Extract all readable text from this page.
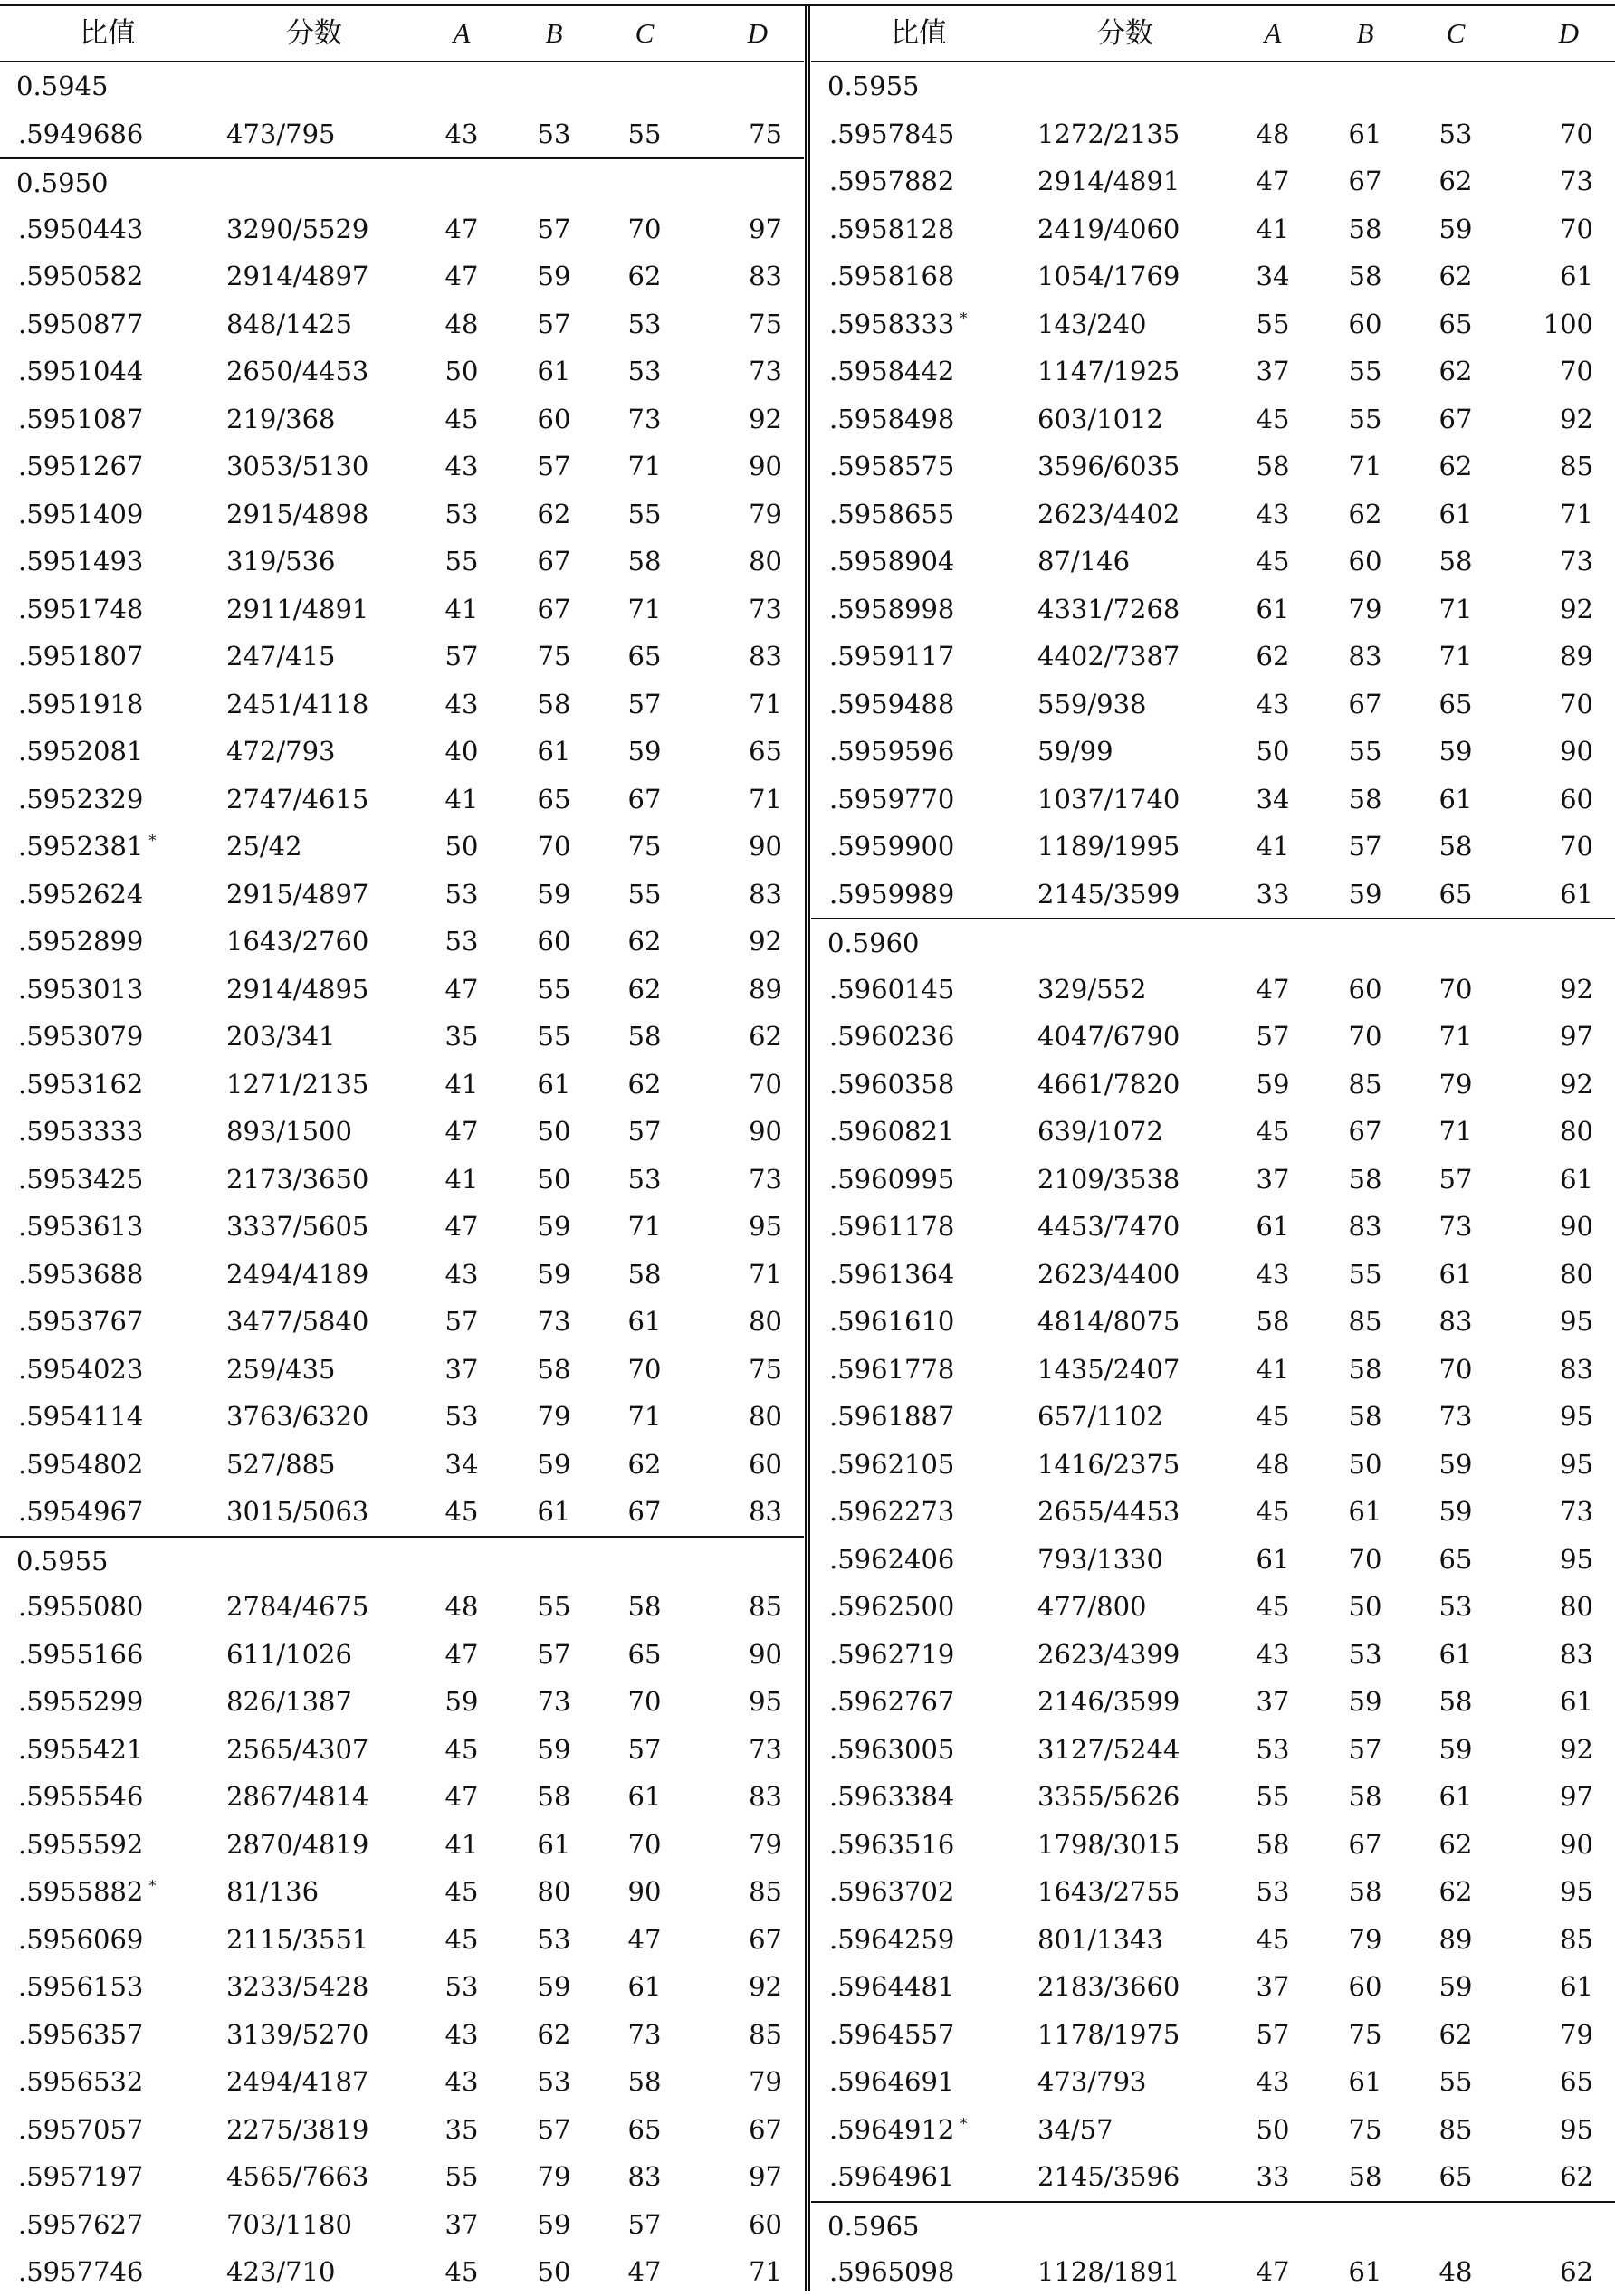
比值	分数	A	B	C	D
0.5945
.5949686	473/795	43	53	55	75
0.5950
.5950443	3290/5529	47	57	70	97
.5950582	2914/4897	47	59	62	83
.5950877	848/1425	48	57	53	75
.5951044	2650/4453	50	61	53	73
.5951087	219/368	45	60	73	92
.5951267	3053/5130	43	57	71	90
.5951409	2915/4898	53	62	55	79
.5951493	319/536	55	67	58	80
.5951748	2911/4891	41	67	71	73
.5951807	247/415	57	75	65	83
.5951918	2451/4118	43	58	57	71
.5952081	472/793	40	61	59	65
.5952329	2747/4615	41	65	67	71
.5952381 *	25/42	50	70	75	90
.5952624	2915/4897	53	59	55	83
.5952899	1643/2760	53	60	62	92
.5953013	2914/4895	47	55	62	89
.5953079	203/341	35	55	58	62
.5953162	1271/2135	41	61	62	70
.5953333	893/1500	47	50	57	90
.5953425	2173/3650	41	50	53	73
.5953613	3337/5605	47	59	71	95
.5953688	2494/4189	43	59	58	71
.5953767	3477/5840	57	73	61	80
.5954023	259/435	37	58	70	75
.5954114	3763/6320	53	79	71	80
.5954802	527/885	34	59	62	60
.5954967	3015/5063	45	61	67	83
0.5955
.5955080	2784/4675	48	55	58	85
.5955166	611/1026	47	57	65	90
.5955299	826/1387	59	73	70	95
.5955421	2565/4307	45	59	57	73
.5955546	2867/4814	47	58	61	83
.5955592	2870/4819	41	61	70	79
.5955882 *	81/136	45	80	90	85
.5956069	2115/3551	45	53	47	67
.5956153	3233/5428	53	59	61	92
.5956357	3139/5270	43	62	73	85
.5956532	2494/4187	43	53	58	79
.5957057	2275/3819	35	57	65	67
.5957197	4565/7663	55	79	83	97
.5957627	703/1180	37	59	57	60
.5957746	423/710	45	50	47	71
比值	分数	A	B	C	D
0.5955
.5957845	1272/2135	48	61	53	70
.5957882	2914/4891	47	67	62	73
.5958128	2419/4060	41	58	59	70
.5958168	1054/1769	34	58	62	61
.5958333 *	143/240	55	60	65	100
.5958442	1147/1925	37	55	62	70
.5958498	603/1012	45	55	67	92
.5958575	3596/6035	58	71	62	85
.5958655	2623/4402	43	62	61	71
.5958904	87/146	45	60	58	73
.5958998	4331/7268	61	79	71	92
.5959117	4402/7387	62	83	71	89
.5959488	559/938	43	67	65	70
.5959596	59/99	50	55	59	90
.5959770	1037/1740	34	58	61	60
.5959900	1189/1995	41	57	58	70
.5959989	2145/3599	33	59	65	61
0.5960
.5960145	329/552	47	60	70	92
.5960236	4047/6790	57	70	71	97
.5960358	4661/7820	59	85	79	92
.5960821	639/1072	45	67	71	80
.5960995	2109/3538	37	58	57	61
.5961178	4453/7470	61	83	73	90
.5961364	2623/4400	43	55	61	80
.5961610	4814/8075	58	85	83	95
.5961778	1435/2407	41	58	70	83
.5961887	657/1102	45	58	73	95
.5962105	1416/2375	48	50	59	95
.5962273	2655/4453	45	61	59	73
.5962406	793/1330	61	70	65	95
.5962500	477/800	45	50	53	80
.5962719	2623/4399	43	53	61	83
.5962767	2146/3599	37	59	58	61
.5963005	3127/5244	53	57	59	92
.5963384	3355/5626	55	58	61	97
.5963516	1798/3015	58	67	62	90
.5963702	1643/2755	53	58	62	95
.5964259	801/1343	45	79	89	85
.5964481	2183/3660	37	60	59	61
.5964557	1178/1975	57	75	62	79
.5964691	473/793	43	61	55	65
.5964912 *	34/57	50	75	85	95
.5964961	2145/3596	33	58	65	62
0.5965
.5965098	1128/1891	47	61	48	62
